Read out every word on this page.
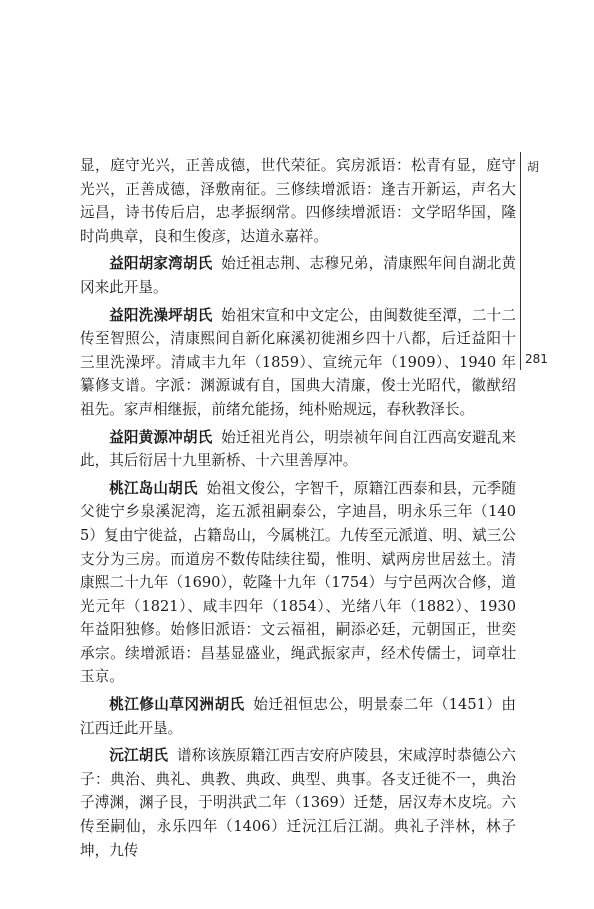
显，庭守光兴，正善成德，世代荣征。宾房派语：松青有显，庭守光兴，正善成德，泽敷南征。三修续增派语：逢吉开新运，声名大远昌，诗书传后启，忠孝振纲常。四修续增派语：文学昭华国，隆时尚典章，良和生俊彦，达道永嘉祥。

益阳胡家湾胡氏 始迁祖志荆、志穆兄弟，清康熙年间自湖北黄冈来此开垦。

益阳洗澡坪胡氏 始祖宋宣和中文定公，由闽数徙至潭，二十二传至智照公，清康熙间自新化麻溪初徙湘乡四十八都，后迁益阳十三里洗澡坪。清咸丰九年（1859）、宣统元年（1909）、1940 年纂修支谱。字派：渊源诚有自，国典大清廉，俊士光昭代，徽猷绍祖先。家声相继振，前绪允能扬，纯朴贻规远，春秋教泽长。

益阳黄源冲胡氏 始迁祖光肖公，明崇祯年间自江西高安避乱来此，其后衍居十九里新桥、十六里善厚冲。

桃江岛山胡氏 始祖文俊公，字智千，原籍江西泰和县，元季随父徙宁乡泉溪泥湾，迄五派祖嗣泰公，字迪昌，明永乐三年（1405）复由宁徙益，占籍岛山，今属桃江。九传至元派道、明、斌三公支分为三房。而道房不数传陆续往蜀，惟明、斌两房世居兹土。清康熙二十九年（1690），乾隆十九年（1754）与宁邑两次合修，道光元年（1821）、咸丰四年（1854）、光绪八年（1882）、1930 年益阳独修。始修旧派语：文云福祖，嗣添必廷，元朝国正，世奕承宗。续增派语：昌基显盛业，绳武振家声，经术传儒士，词章壮玉京。

桃江修山草冈洲胡氏 始迁祖恒忠公，明景泰二年（1451）由江西迁此开垦。

沅江胡氏 谱称该族原籍江西吉安府庐陵县，宋咸淳时恭德公六子：典治、典礼、典教、典政、典型、典事。各支迁徙不一，典治子溥渊，渊子艮，于明洪武二年（1369）迁楚，居汉寿木皮垸。六传至嗣仙，永乐四年（1406）迁沅江后江湖。典礼子泮林，林子坤，九传

胡
281
